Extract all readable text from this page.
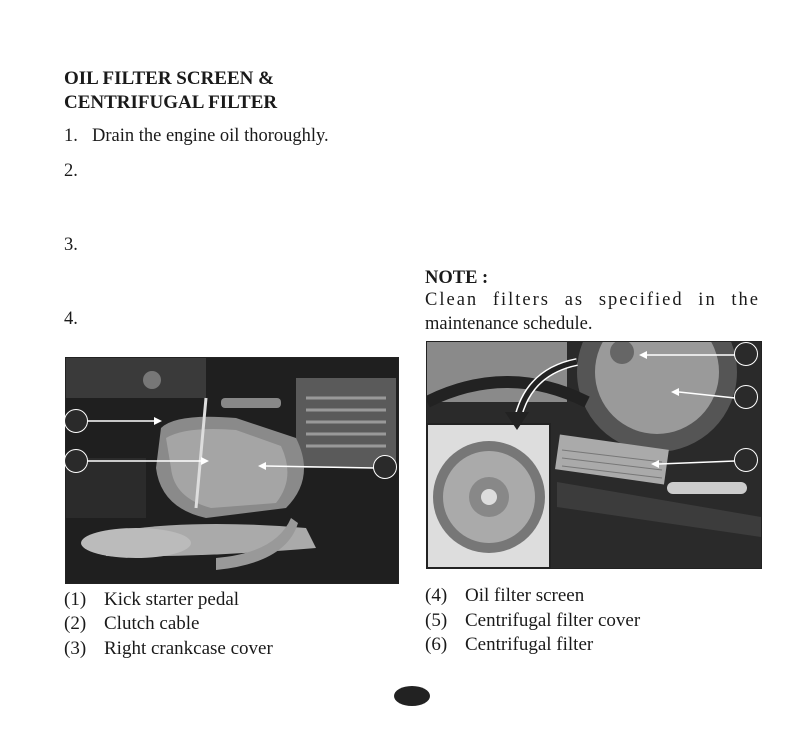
OIL FILTER SCREEN &
CENTRIFUGAL FILTER
1. Drain the engine oil thoroughly.
2.
3.
4.
NOTE :
Clean filters as specified in the
maintenance schedule.
(1) Kick starter pedal
(2) Clutch cable
(3) Right crankcase cover
(4) Oil filter screen
(5) Centrifugal filter cover
(6) Centrifugal filter
